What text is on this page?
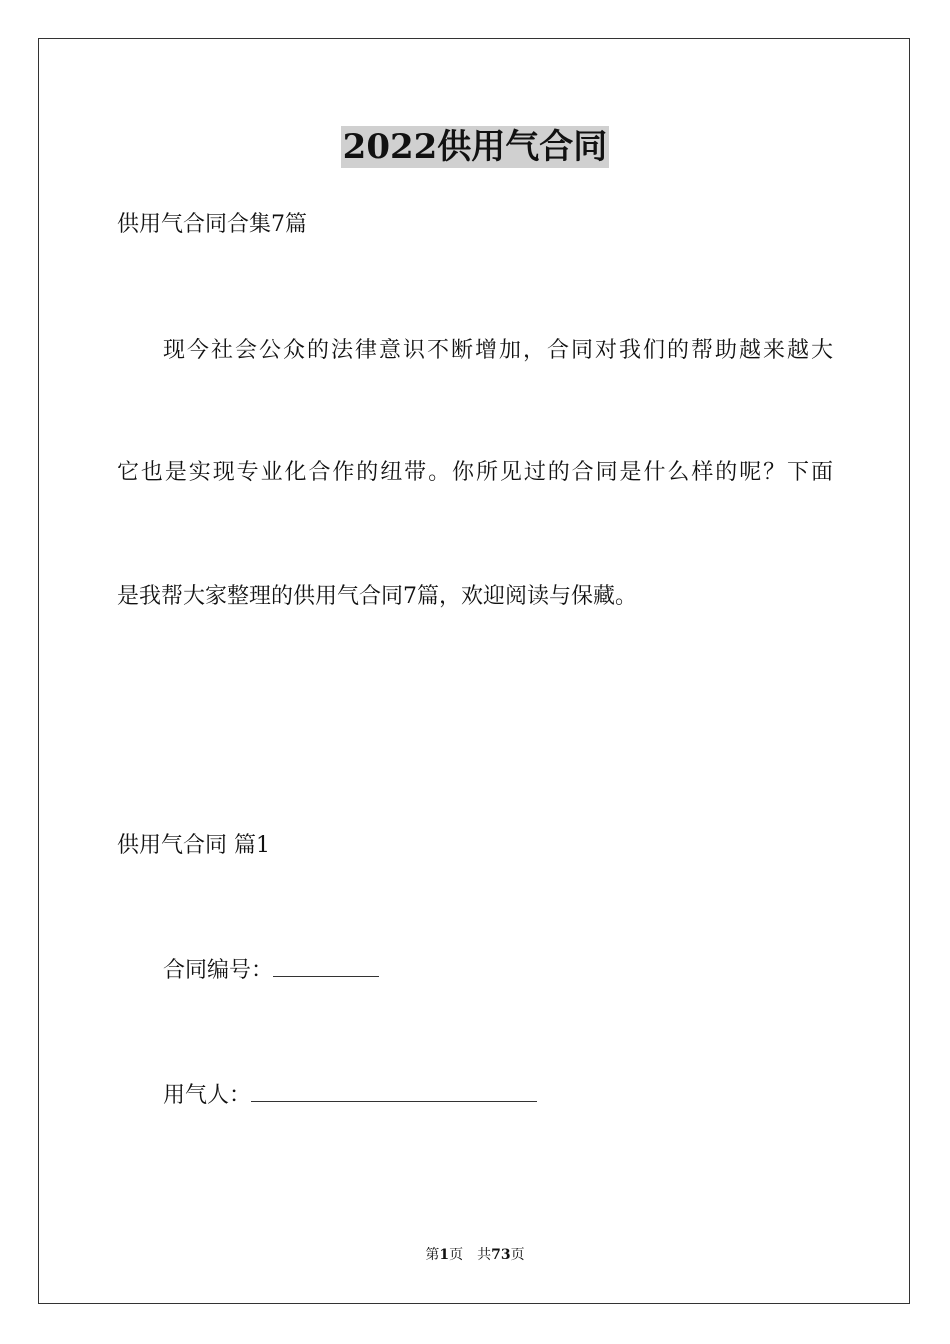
2022供用气合同
供用气合同合集7篇
现今社会公众的法律意识不断增加，合同对我们的帮助越来越大
它也是实现专业化合作的纽带。你所见过的合同是什么样的呢？下面
是我帮大家整理的供用气合同7篇，欢迎阅读与保藏。
供用气合同 篇1
合同编号：
用气人：
第1页　共73页
